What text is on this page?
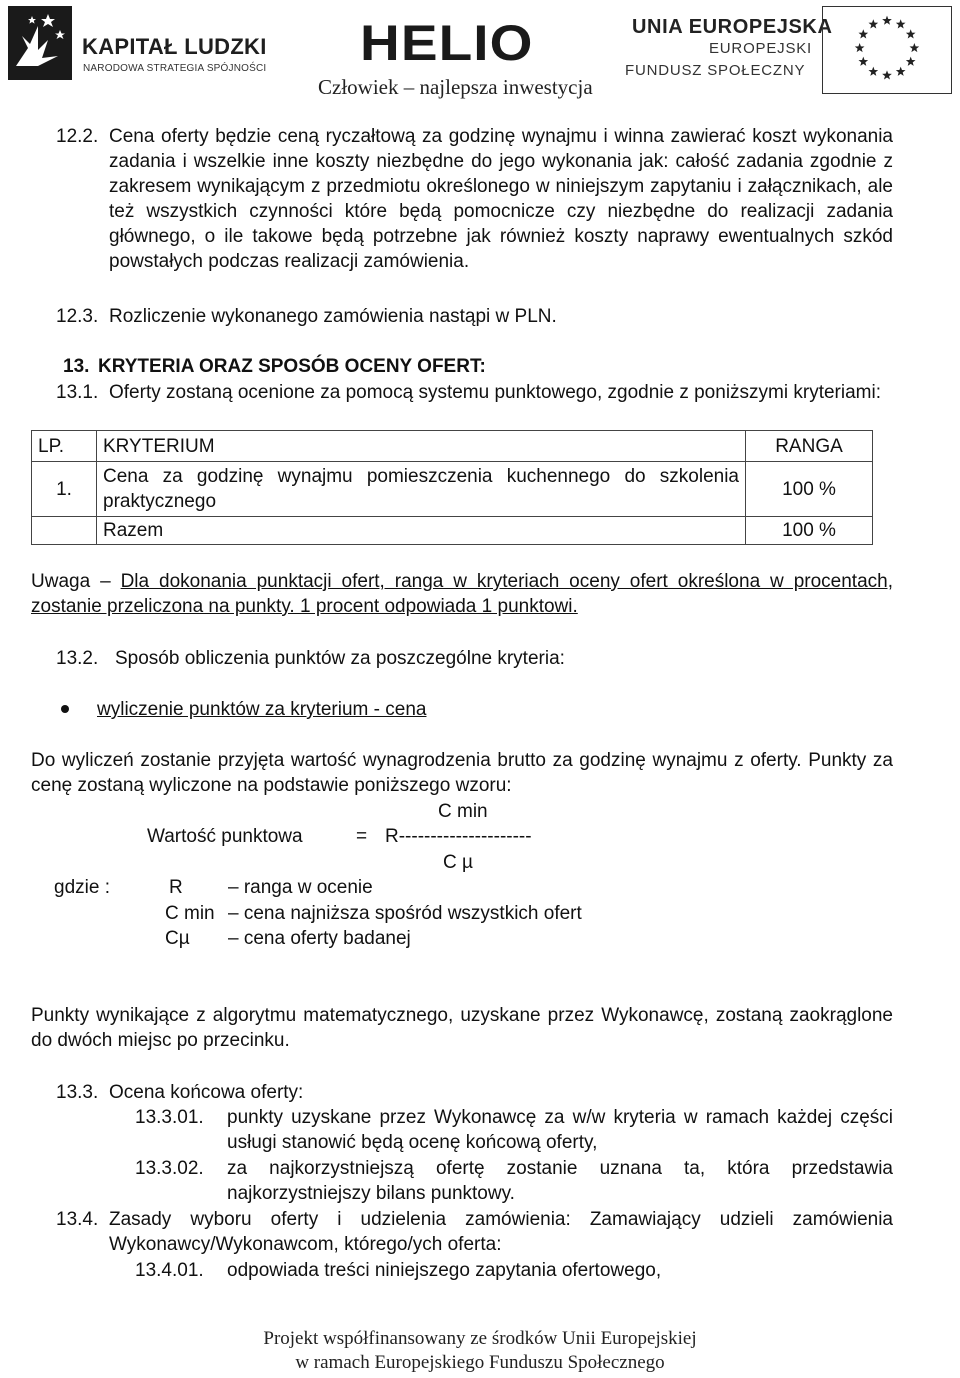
KAPITAŁ LUDZKI
NARODOWA STRATEGIA SPÓJNOŚCI HELIO
Człowiek – najlepsza inwestycja
UNIA EUROPEJSKA
EUROPEJSKI
FUNDUSZ SPOŁECZNY
12.2. Cena oferty będzie ceną ryczałtową za godzinę wynajmu i winna zawierać koszt wykonania zadania i wszelkie inne koszty niezbędne do jego wykonania jak: całość zadania zgodnie z zakresem wynikającym z przedmiotu określonego w niniejszym zapytaniu i załącznikach, ale też wszystkich czynności które będą pomocnicze czy niezbędne do realizacji zadania głównego, o ile takowe będą potrzebne jak również koszty naprawy ewentualnych szkód powstałych podczas realizacji zamówienia.
12.3. Rozliczenie wykonanego zamówienia nastąpi w PLN.
13. KRYTERIA ORAZ SPOSÓB OCENY OFERT:
13.1. Oferty zostaną ocenione za pomocą systemu punktowego, zgodnie z poniższymi kryteriami:
LP.	KRYTERIUM	RANGA
1.	Cena za godzinę wynajmu pomieszczenia kuchennego do szkolenia praktycznego	100 %
	Razem	100 %
Uwaga – Dla dokonania punktacji ofert, ranga w kryteriach oceny ofert określona w procentach, zostanie przeliczona na punkty. 1 procent odpowiada 1 punktowi.
13.2. Sposób obliczenia punktów za poszczególne kryteria:
wyliczenie punktów za kryterium - cena
Do wyliczeń zostanie przyjęta wartość wynagrodzenia brutto za godzinę wynajmu z oferty. Punkty za cenę zostaną wyliczone na podstawie poniższego wzoru:
C min
Wartość punktowa	= R---------------------
C µ
gdzie :	R – ranga w ocenie
C min – cena najniższa spośród wszystkich ofert
Cµ – cena oferty badanej
Punkty wynikające z algorytmu matematycznego, uzyskane przez Wykonawcę, zostaną zaokrąglone do dwóch miejsc po przecinku.
13.3. Ocena końcowa oferty:
13.3.01. punkty uzyskane przez Wykonawcę za w/w kryteria w ramach każdej części usługi stanowić będą ocenę końcową oferty,
13.3.02. za najkorzystniejszą ofertę zostanie uznana ta, która przedstawia najkorzystniejszy bilans punktowy.
13.4. Zasady wyboru oferty i udzielenia zamówienia: Zamawiający udzieli zamówienia Wykonawcy/Wykonawcom, którego/ych oferta:
13.4.01. odpowiada treści niniejszego zapytania ofertowego,
Projekt współfinansowany ze środków Unii Europejskiej
w ramach Europejskiego Funduszu Społecznego
